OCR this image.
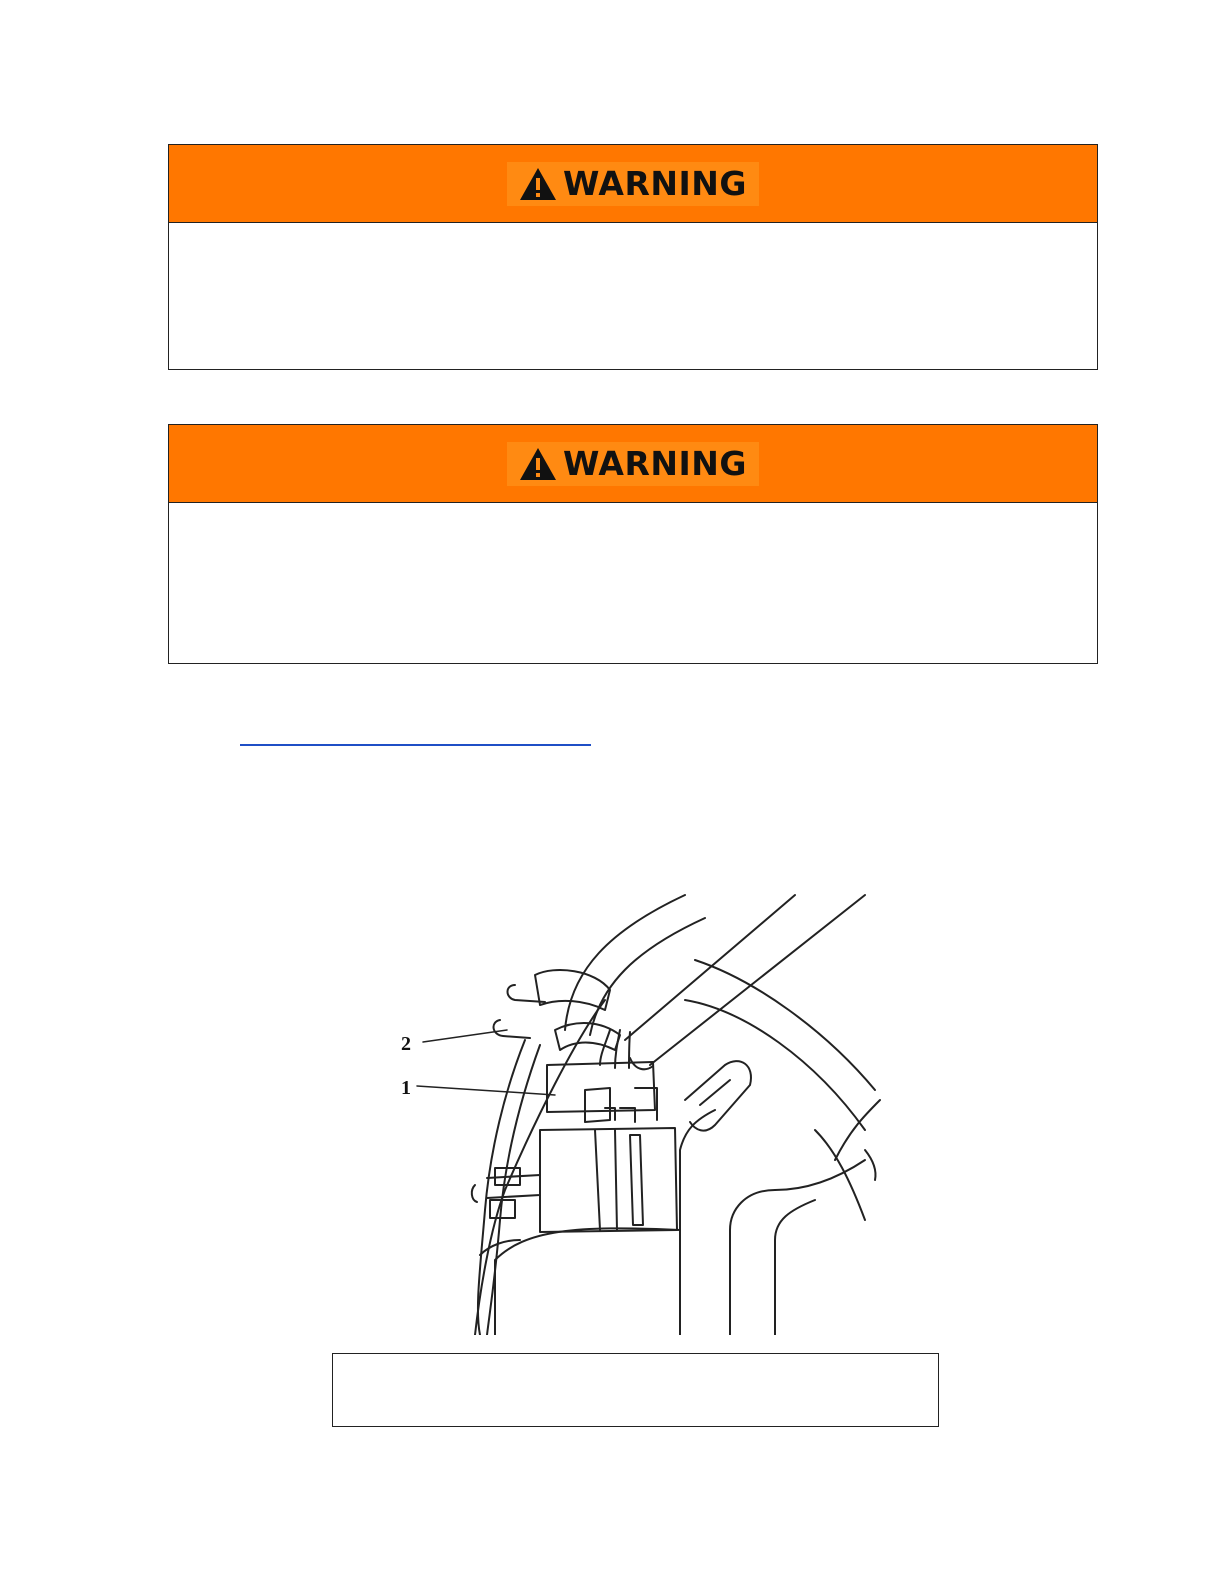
WARNING
WARNING
2
1
